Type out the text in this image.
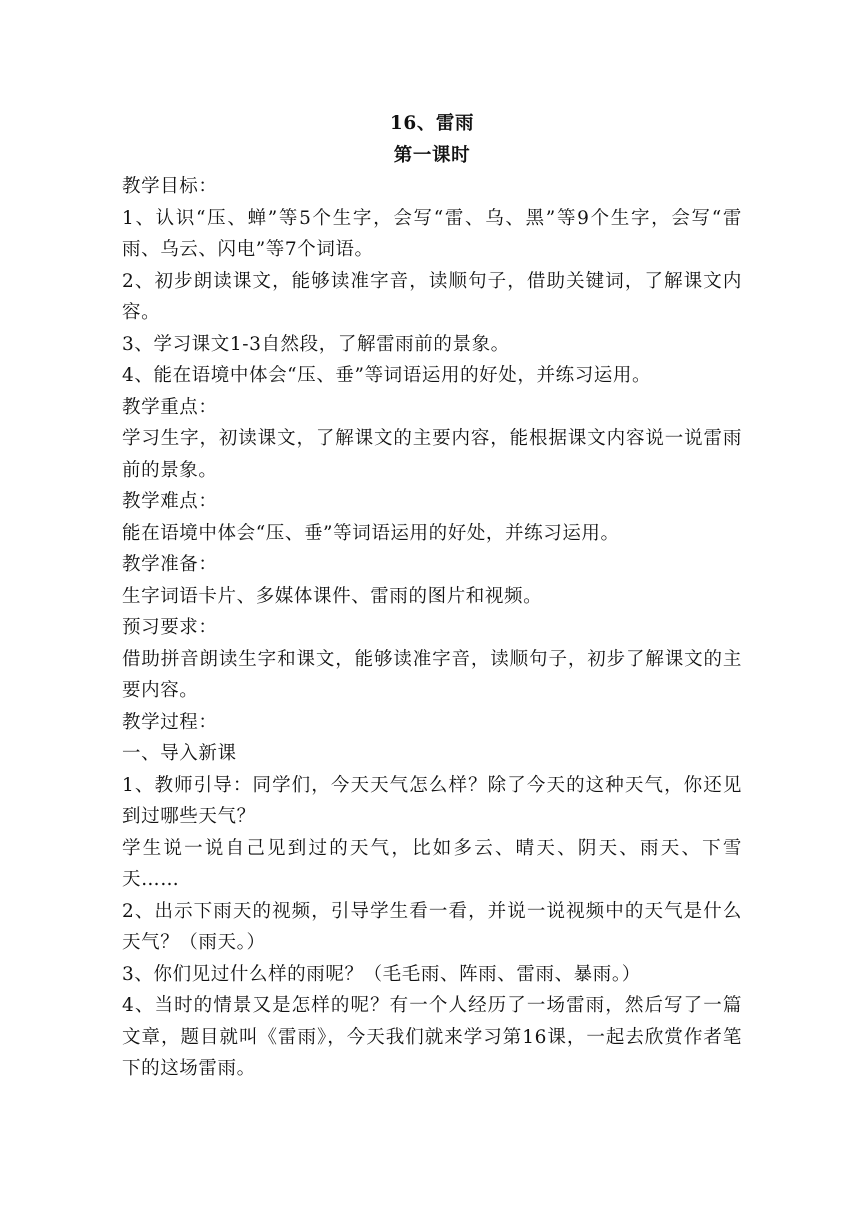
16、雷雨

第一课时

教学目标：

1、认识“压、蝉”等5个生字，会写“雷、乌、黑”等9个生字，会写“雷雨、乌云、闪电”等7个词语。

2、初步朗读课文，能够读准字音，读顺句子，借助关键词，了解课文内容。

3、学习课文1-3自然段，了解雷雨前的景象。

4、能在语境中体会“压、垂”等词语运用的好处，并练习运用。

教学重点：

学习生字，初读课文，了解课文的主要内容，能根据课文内容说一说雷雨前的景象。

教学难点：

能在语境中体会“压、垂”等词语运用的好处，并练习运用。

教学准备：

生字词语卡片、多媒体课件、雷雨的图片和视频。

预习要求：

借助拼音朗读生字和课文，能够读准字音，读顺句子，初步了解课文的主要内容。

教学过程：

一、导入新课

1、教师引导：同学们，今天天气怎么样？除了今天的这种天气，你还见到过哪些天气？

学生说一说自己见到过的天气，比如多云、晴天、阴天、雨天、下雪天……

2、出示下雨天的视频，引导学生看一看，并说一说视频中的天气是什么天气？（雨天。）

3、你们见过什么样的雨呢？（毛毛雨、阵雨、雷雨、暴雨。）

4、当时的情景又是怎样的呢？有一个人经历了一场雷雨，然后写了一篇文章，题目就叫《雷雨》，今天我们就来学习第16课，一起去欣赏作者笔下的这场雷雨。
